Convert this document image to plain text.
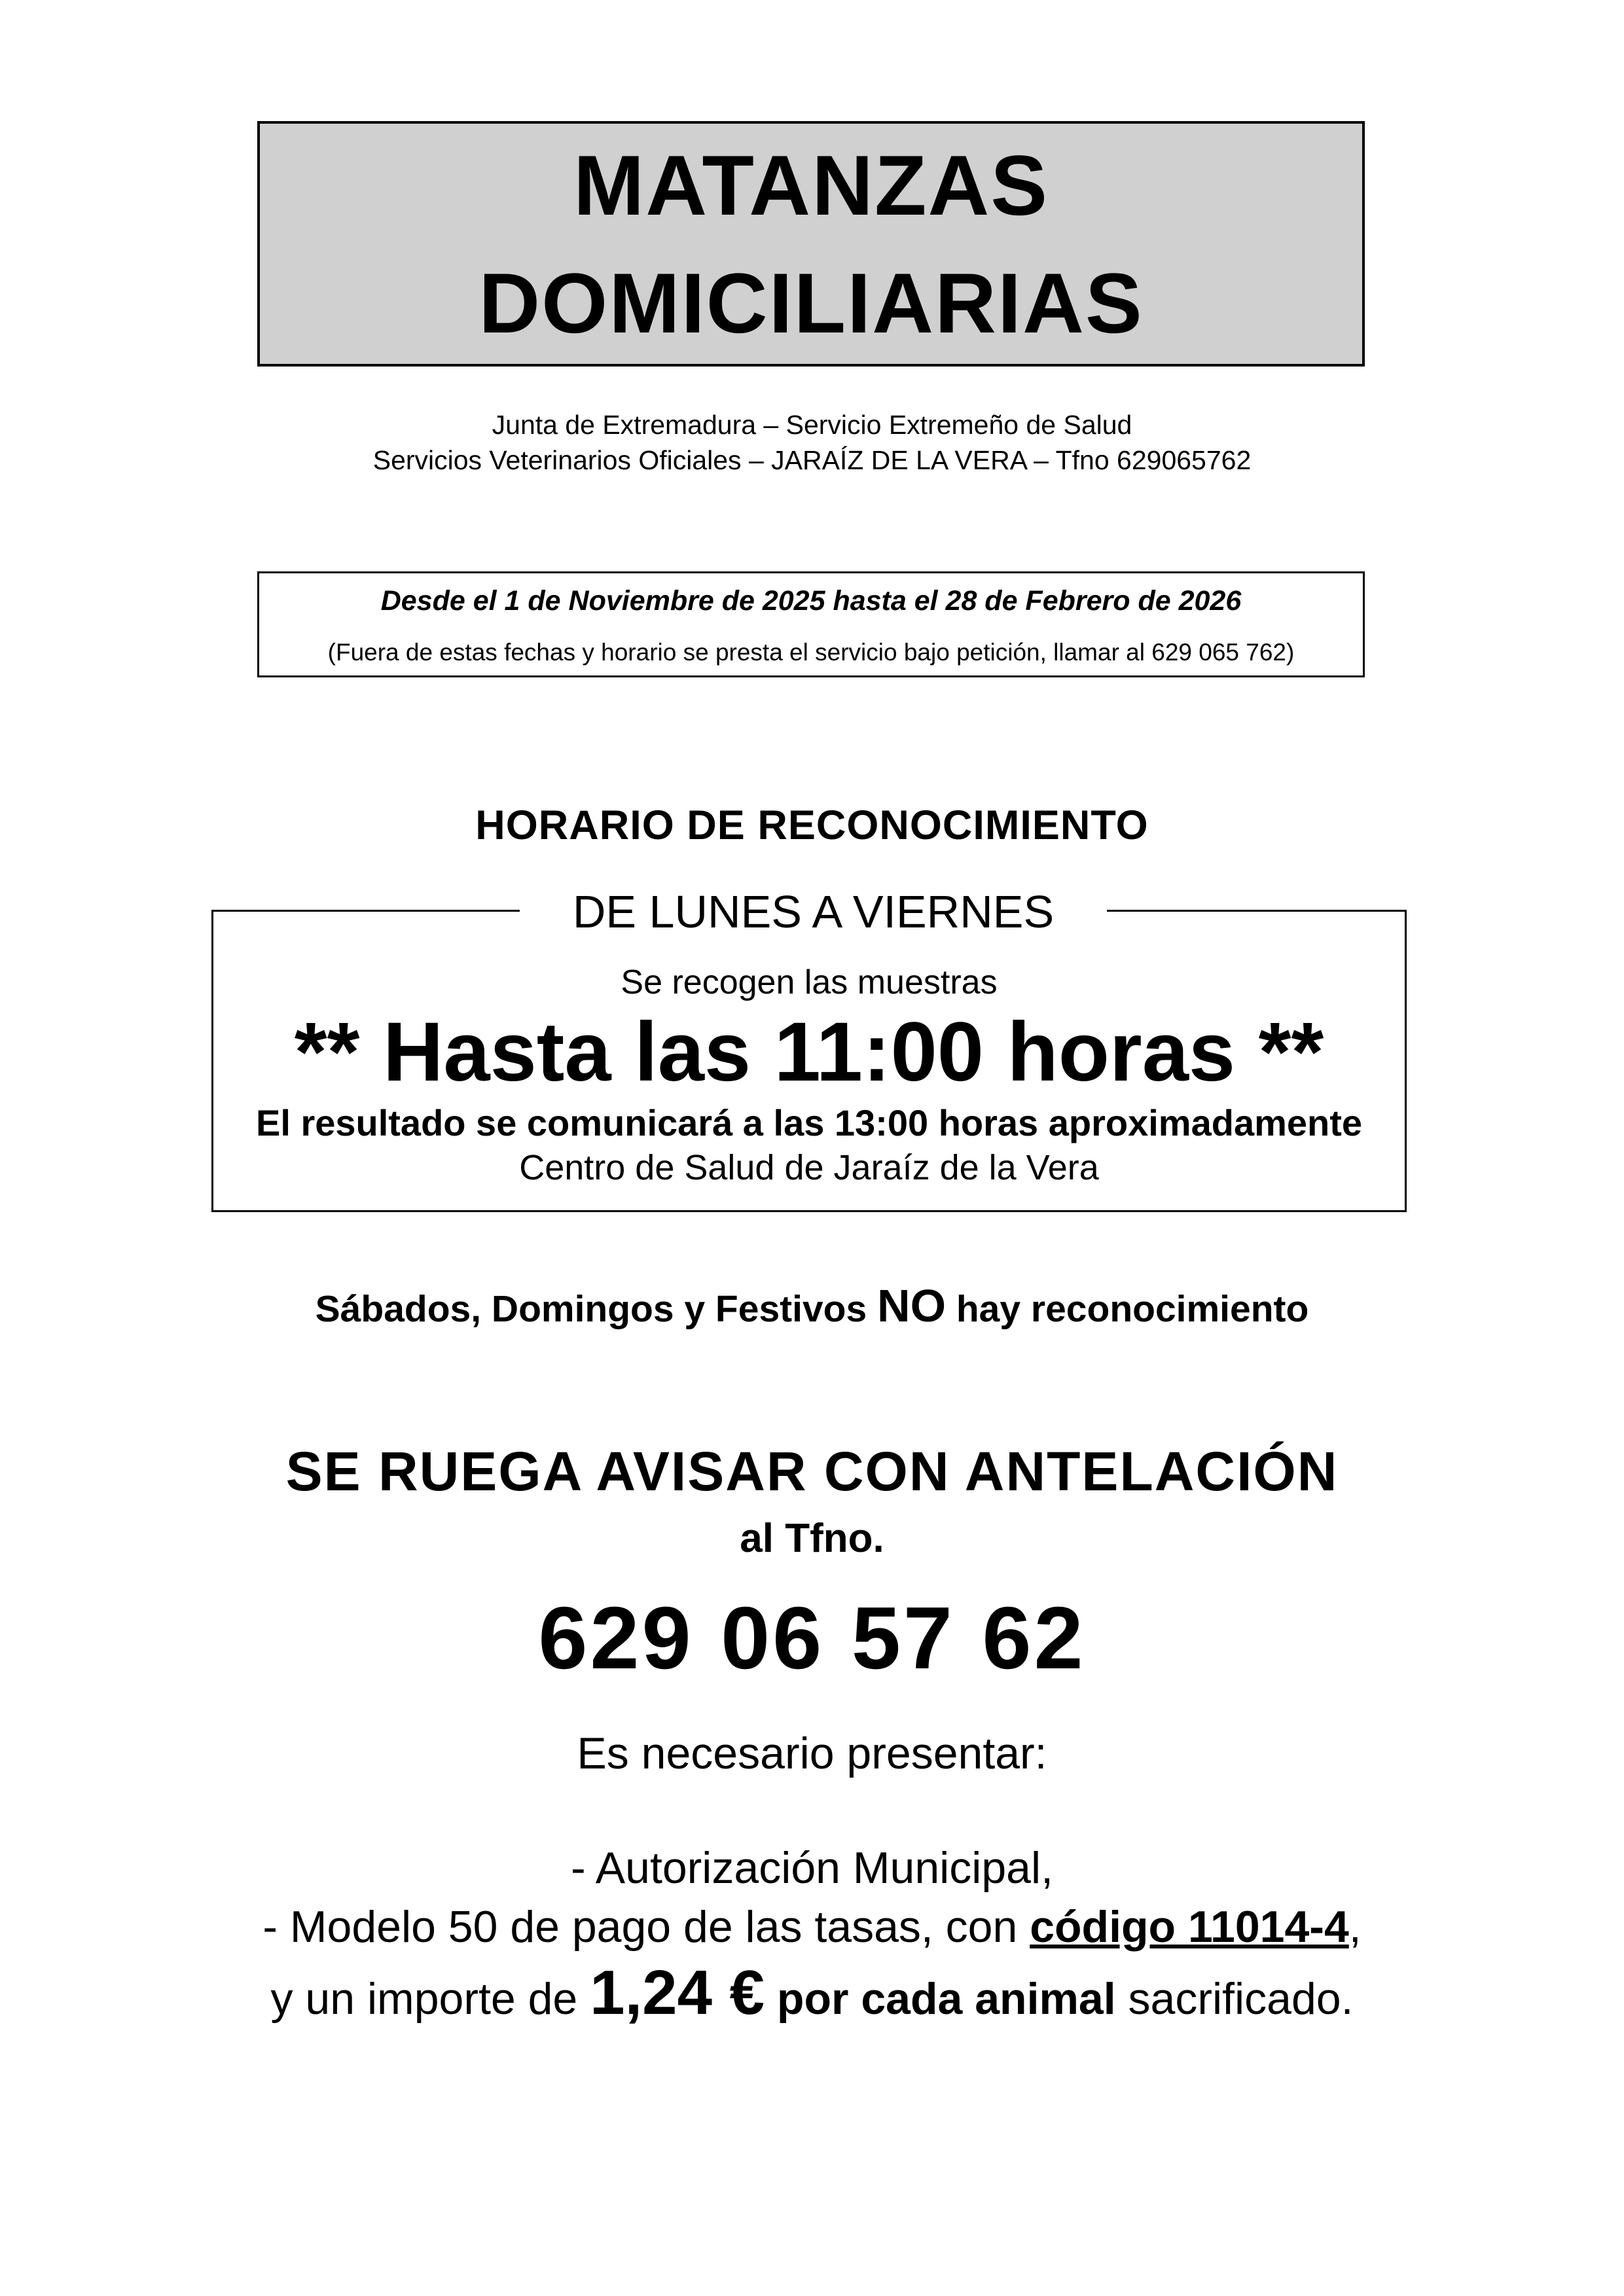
MATANZAS
DOMICILIARIAS
Junta de Extremadura – Servicio Extremeño de Salud
Servicios Veterinarios Oficiales – JARAÍZ DE LA VERA – Tfno 629065762
Desde el 1 de Noviembre de 2025 hasta el 28 de Febrero de 2026
(Fuera de estas fechas y horario se presta el servicio bajo petición, llamar al 629 065 762)
HORARIO DE RECONOCIMIENTO
DE LUNES A VIERNES
Se recogen las muestras
** Hasta las 11:00 horas **
El resultado se comunicará a las 13:00 horas aproximadamente
Centro de Salud de Jaraíz de la Vera
Sábados, Domingos y Festivos NO hay reconocimiento
SE RUEGA AVISAR CON ANTELACIÓN
al Tfno.
629 06 57 62
Es necesario presentar:
- Autorización Municipal,
- Modelo 50 de pago de las tasas, con código 11014-4,
y un importe de 1,24 € por cada animal sacrificado.
